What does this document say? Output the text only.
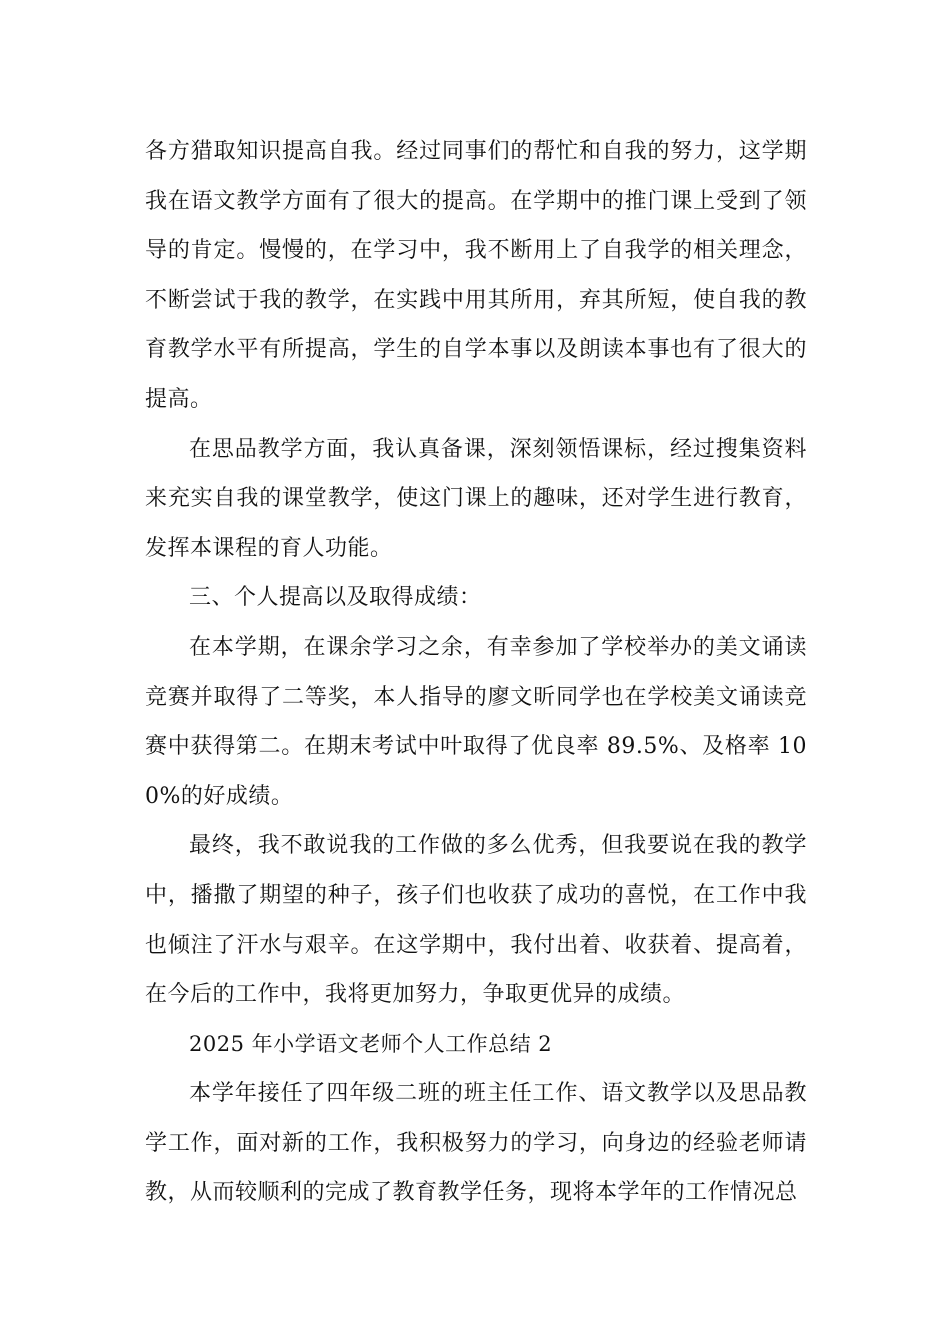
各方猎取知识提高自我。经过同事们的帮忙和自我的努力，这学期我在语文教学方面有了很大的提高。在学期中的推门课上受到了领导的肯定。慢慢的，在学习中，我不断用上了自我学的相关理念，不断尝试于我的教学，在实践中用其所用，弃其所短，使自我的教育教学水平有所提高，学生的自学本事以及朗读本事也有了很大的提高。

在思品教学方面，我认真备课，深刻领悟课标，经过搜集资料来充实自我的课堂教学，使这门课上的趣味，还对学生进行教育，发挥本课程的育人功能。

三、个人提高以及取得成绩：

在本学期，在课余学习之余，有幸参加了学校举办的美文诵读竞赛并取得了二等奖，本人指导的廖文昕同学也在学校美文诵读竞赛中获得第二。在期末考试中叶取得了优良率 89.5%、及格率 100%的好成绩。

最终，我不敢说我的工作做的多么优秀，但我要说在我的教学中，播撒了期望的种子，孩子们也收获了成功的喜悦，在工作中我也倾注了汗水与艰辛。在这学期中，我付出着、收获着、提高着，在今后的工作中，我将更加努力，争取更优异的成绩。

2025 年小学语文老师个人工作总结 2

本学年接任了四年级二班的班主任工作、语文教学以及思品教学工作，面对新的工作，我积极努力的学习，向身边的经验老师请教，从而较顺利的完成了教育教学任务，现将本学年的工作情况总
